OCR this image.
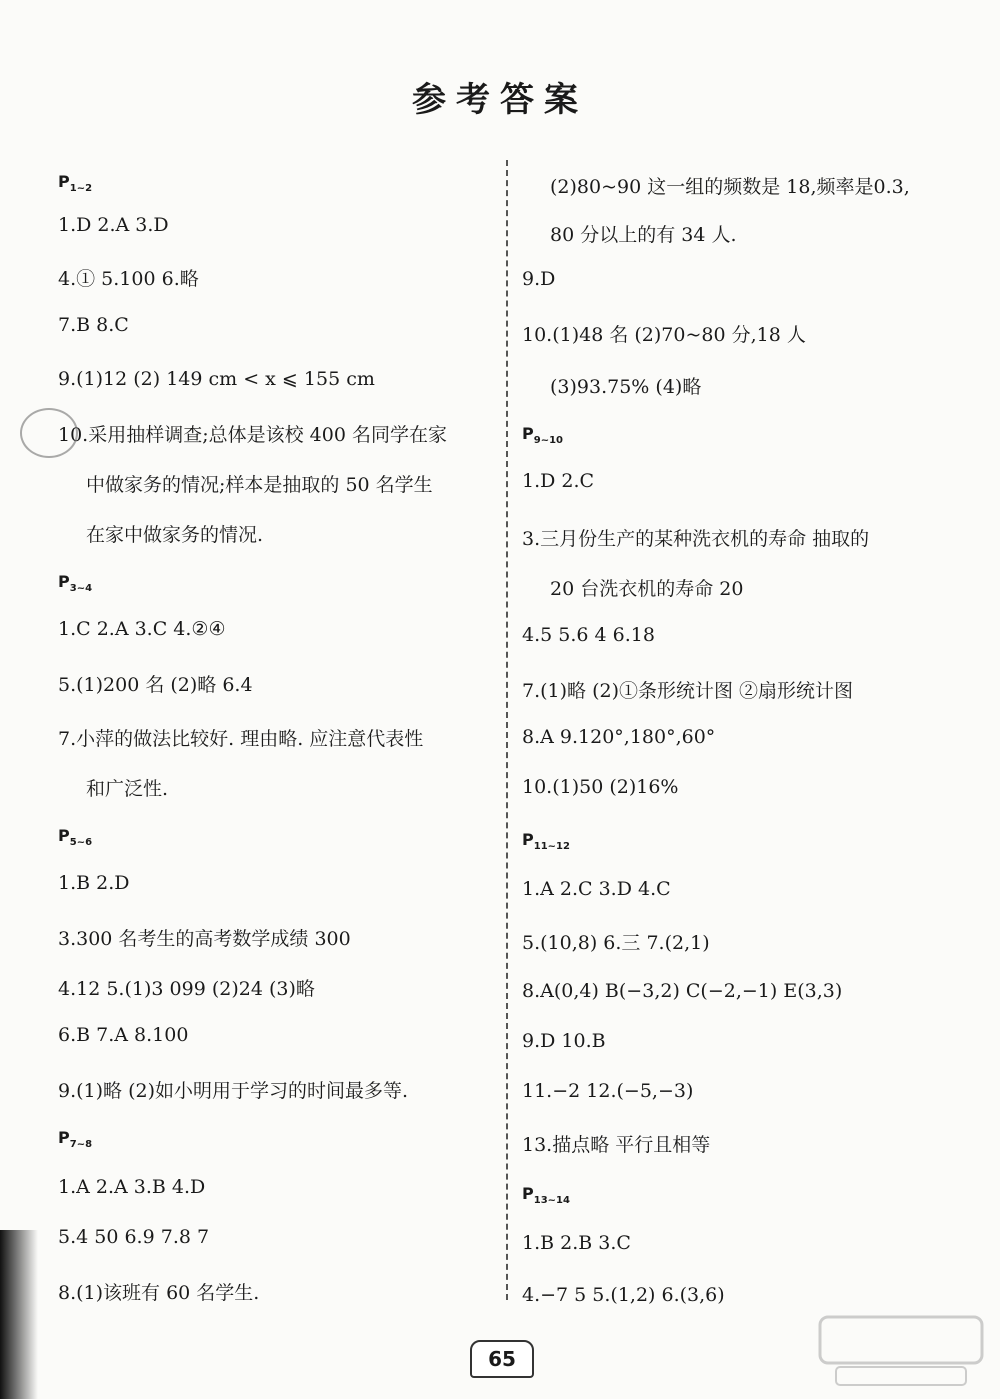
参考答案
$P_{1\sim 2}$
1.D 2.A 3.D
4.① 5.100 6.略
7.B 8.C
9.(1)12 (2) 149 cm < x ⩽ 155 cm
10.采用抽样调查;总体是该校 400 名同学在家
中做家务的情况;样本是抽取的 50 名学生
在家中做家务的情况.
$P_{3\sim 4}$
1.C 2.A 3.C 4.②④
5.(1)200 名 (2)略 6.4
7.小萍的做法比较好. 理由略. 应注意代表性
和广泛性.
$P_{5\sim 6}$
1.B 2.D
3.300 名考生的高考数学成绩 300
4.12 5.(1)3 099 (2)24 (3)略
6.B 7.A 8.100
9.(1)略 (2)如小明用于学习的时间最多等.
$P_{7\sim 8}$
1.A 2.A 3.B 4.D
5.4 50 6.9 7.8 7
8.(1)该班有 60 名学生.
(2)80~90 这一组的频数是 18,频率是0.3,
80 分以上的有 34 人.
9.D
10.(1)48 名 (2)70~80 分,18 人
(3)93.75% (4)略
$P_{9\sim 10}$
1.D 2.C
3.三月份生产的某种洗衣机的寿命 抽取的
20 台洗衣机的寿命 20
4.5 5.6 4 6.18
7.(1)略 (2)①条形统计图 ②扇形统计图
8.A 9.120°,180°,60°
10.(1)50 (2)16%
$P_{11\sim 12}$
1.A 2.C 3.D 4.C
5.(10,8) 6.三 7.(2,1)
8.A(0,4) B(−3,2) C(−2,−1) E(3,3)
9.D 10.B
11.−2 12.(−5,−3)
13.描点略 平行且相等
$P_{13\sim 14}$
1.B 2.B 3.C
4.−7 5 5.(1,2) 6.(3,6)
65
